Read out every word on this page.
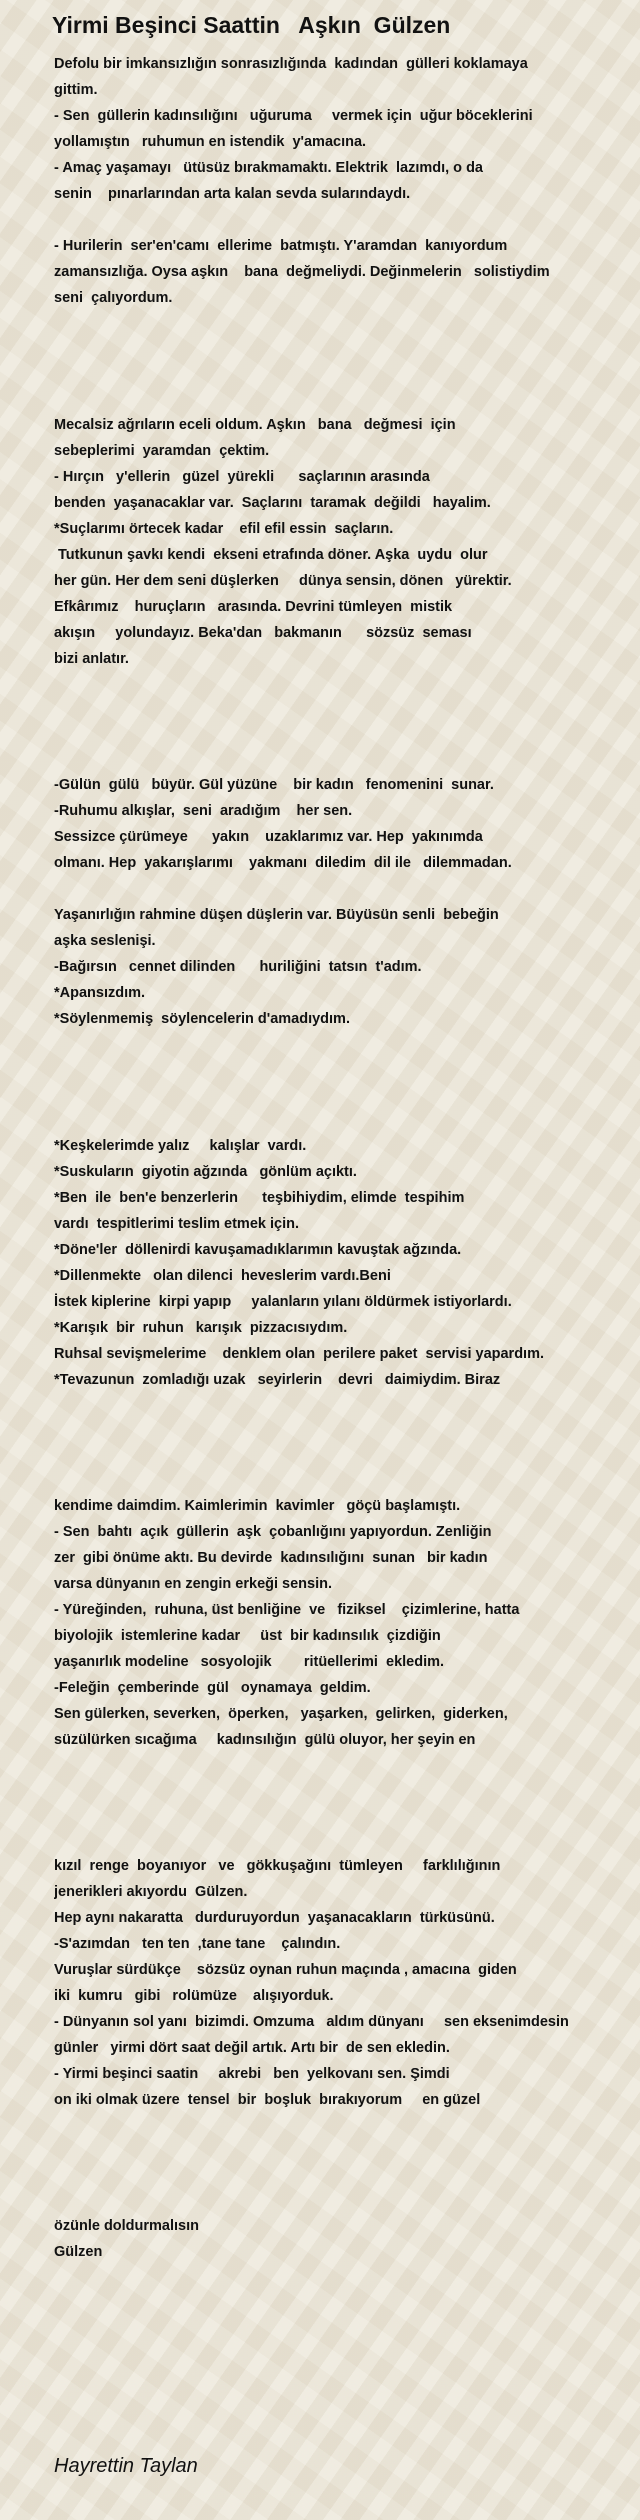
Yirmi Beşinci Saattin   Aşkın  Gülzen
Defolu bir imkansızlığın sonrasızlığında  kadından  gülleri koklamaya
gittim.
- Sen  güllerin kadınsılığını   uğuruma     vermek için  uğur böceklerini
yollamıştın   ruhumun en istendik  y'amacına.
- Amaç yaşamayı   ütüsüz bırakmamaktı. Elektrik  lazımdı, o da
senin    pınarlarından arta kalan sevda sularındaydı.
- Hurilerin  ser'en'camı  ellerime  batmıştı. Y'aramdan  kanıyordum
zamansızlığa. Oysa aşkın    bana  değmeliydi. Değinmelerin   solistiydim
seni  çalıyordum.
Mecalsiz ağrıların eceli oldum. Aşkın   bana   değmesi  için
sebeplerimi  yaramdan  çektim.
- Hırçın   y'ellerin   güzel  yürekli      saçlarının arasında
benden  yaşanacaklar var.  Saçlarını  taramak  değildi   hayalim.
*Suçlarımı örtecek kadar    efil efil essin  saçların.
Tutkunun şavkı kendi  ekseni etrafında döner. Aşka  uydu  olur
her gün. Her dem seni düşlerken     dünya sensin, dönen   yürektir.
Efkârımız    huruçların   arasında. Devrini tümleyen  mistik
akışın     yolundayız. Beka'dan   bakmanın      sözsüz  seması
bizi anlatır.
-Gülün  gülü   büyür. Gül yüzüne    bir kadın   fenomenini  sunar.
-Ruhumu alkışlar,  seni  aradığım    her sen.
Sessizce çürümeye      yakın    uzaklarımız var. Hep  yakınımda
olmanı. Hep  yakarışlarımı    yakmanı  diledim  dil ile   dilemmadan.
Yaşanırlığın rahmine düşen düşlerin var. Büyüsün senli  bebeğin
aşka seslenişi.
-Bağırsın   cennet dilinden      huriliğini  tatsın  t'adım.
*Apansızdım.
*Söylenmemiş  söylencelerin d'amadıydım.
*Keşkelerimde yalız     kalışlar  vardı.
*Suskuların  giyotin ağzında   gönlüm açıktı.
*Ben  ile  ben'e benzerlerin      teşbihiydim, elimde  tespihim
vardı  tespitlerimi teslim etmek için.
*Döne'ler  döllenirdi kavuşamadıklarımın kavuştak ağzında.
*Dillenmekte   olan dilenci  heveslerim vardı.Beni
İstek kiplerine  kirpi yapıp     yalanların yılanı öldürmek istiyorlardı.
*Karışık  bir  ruhun   karışık  pizzacısıydım.
Ruhsal sevişmelerime    denklem olan  perilere paket  servisi yapardım.
*Tevazunun  zomladığı uzak   seyirlerin    devri   daimiydim. Biraz
kendime daimdim. Kaimlerimin  kavimler   göçü başlamıştı.
- Sen  bahtı  açık  güllerin  aşk  çobanlığını yapıyordun. Zenliğin
zer  gibi önüme aktı. Bu devirde  kadınsılığını  sunan   bir kadın
varsa dünyanın en zengin erkeği sensin.
- Yüreğinden,  ruhuna, üst benliğine  ve   fiziksel    çizimlerine, hatta
biyolojik  istemlerine kadar     üst  bir kadınsılık  çizdiğin
yaşanırlık modeline   sosyolojik        ritüellerimi  ekledim.
-Feleğin  çemberinde  gül   oynamaya  geldim.
Sen gülerken, severken,  öperken,   yaşarken,  gelirken,  giderken,
süzülürken sıcağıma     kadınsılığın  gülü oluyor, her şeyin en
kızıl  renge  boyanıyor   ve   gökkuşağını  tümleyen     farklılığının
jenerikleri akıyordu  Gülzen.
Hep aynı nakaratta   durduruyordun  yaşanacakların  türküsünü.
-S'azımdan   ten ten  ,tane tane    çalındın.
Vuruşlar sürdükçe    sözsüz oynan ruhun maçında , amacına  giden
iki  kumru   gibi   rolümüze    alışıyorduk.
- Dünyanın sol yanı  bizimdi. Omzuma   aldım dünyanı     sen eksenimdesin
günler   yirmi dört saat değil artık. Artı bir  de sen ekledin.
- Yirmi beşinci saatin     akrebi   ben  yelkovanı sen. Şimdi
on iki olmak üzere  tensel  bir  boşluk  bırakıyorum     en güzel
özünle doldurmalısın
Gülzen
Hayrettin Taylan
